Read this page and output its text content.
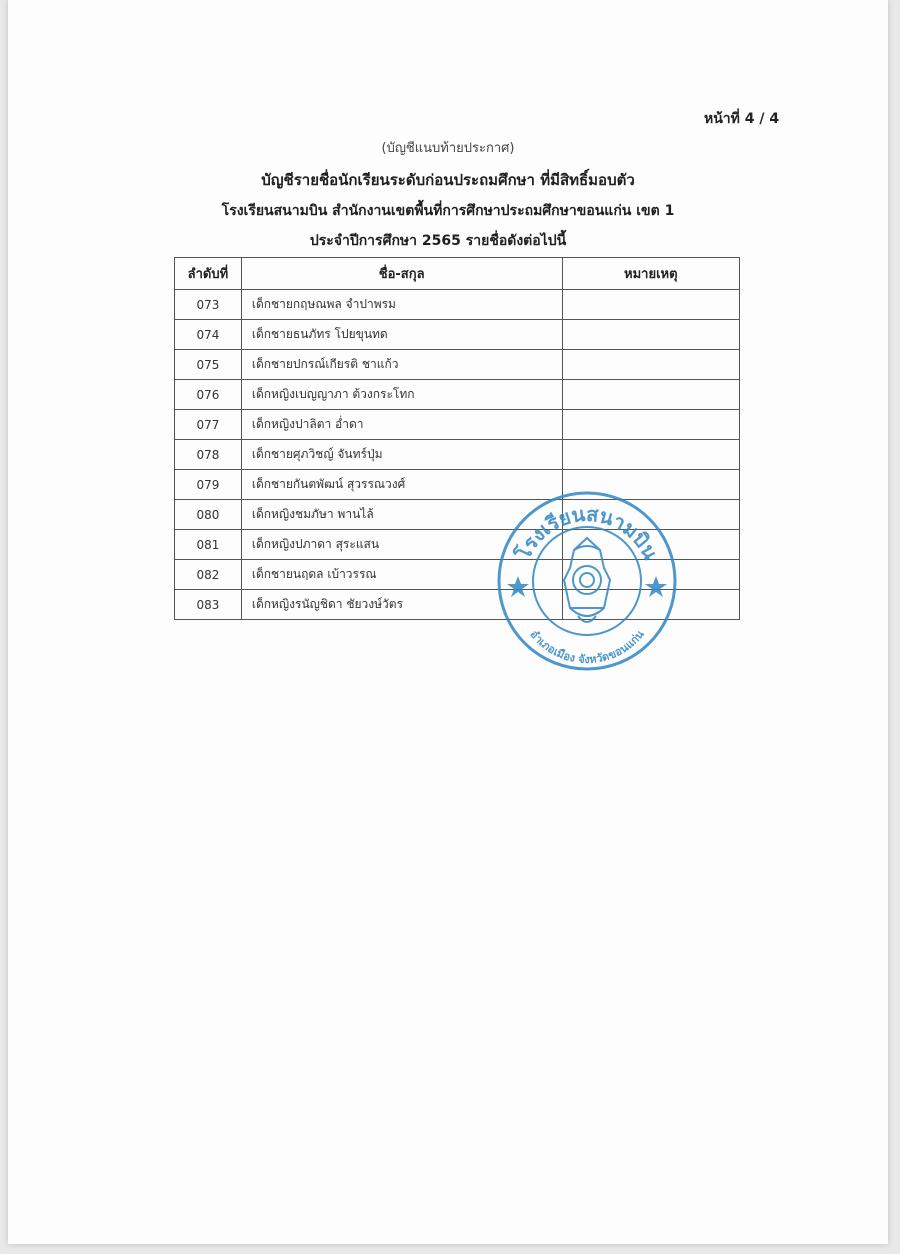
หน้าที่ 4 / 4
(บัญชีแนบท้ายประกาศ)
บัญชีรายชื่อนักเรียนระดับก่อนประถมศึกษา ที่มีสิทธิ์มอบตัว
โรงเรียนสนามบิน สำนักงานเขตพื้นที่การศึกษาประถมศึกษาขอนแก่น เขต 1
ประจำปีการศึกษา 2565 รายชื่อดังต่อไปนี้
ลำดับที่	ชื่อ-สกุล	หมายเหตุ
073	เด็กชายกฤษณพล จำปาพรม	
074	เด็กชายธนภัทร โปยขุนทด	
075	เด็กชายปกรณ์เกียรติ ชาแก้ว	
076	เด็กหญิงเบญญาภา ต้วงกระโทก	
077	เด็กหญิงปาลิตา อ่ำดา	
078	เด็กชายศุภวิชญ์ จันทร์ปุ่ม	
079	เด็กชายกันตพัฒน์ สุวรรณวงศ์	
080	เด็กหญิงชมภัษา พานไล้	
081	เด็กหญิงปภาดา สุระแสน	
082	เด็กชายนฤดล เบ้าวรรณ	
083	เด็กหญิงรนัญชิดา ชัยวงษ์วัตร	
โรงเรียนสนามบิน
อำเภอเมือง จังหวัดขอนแก่น
